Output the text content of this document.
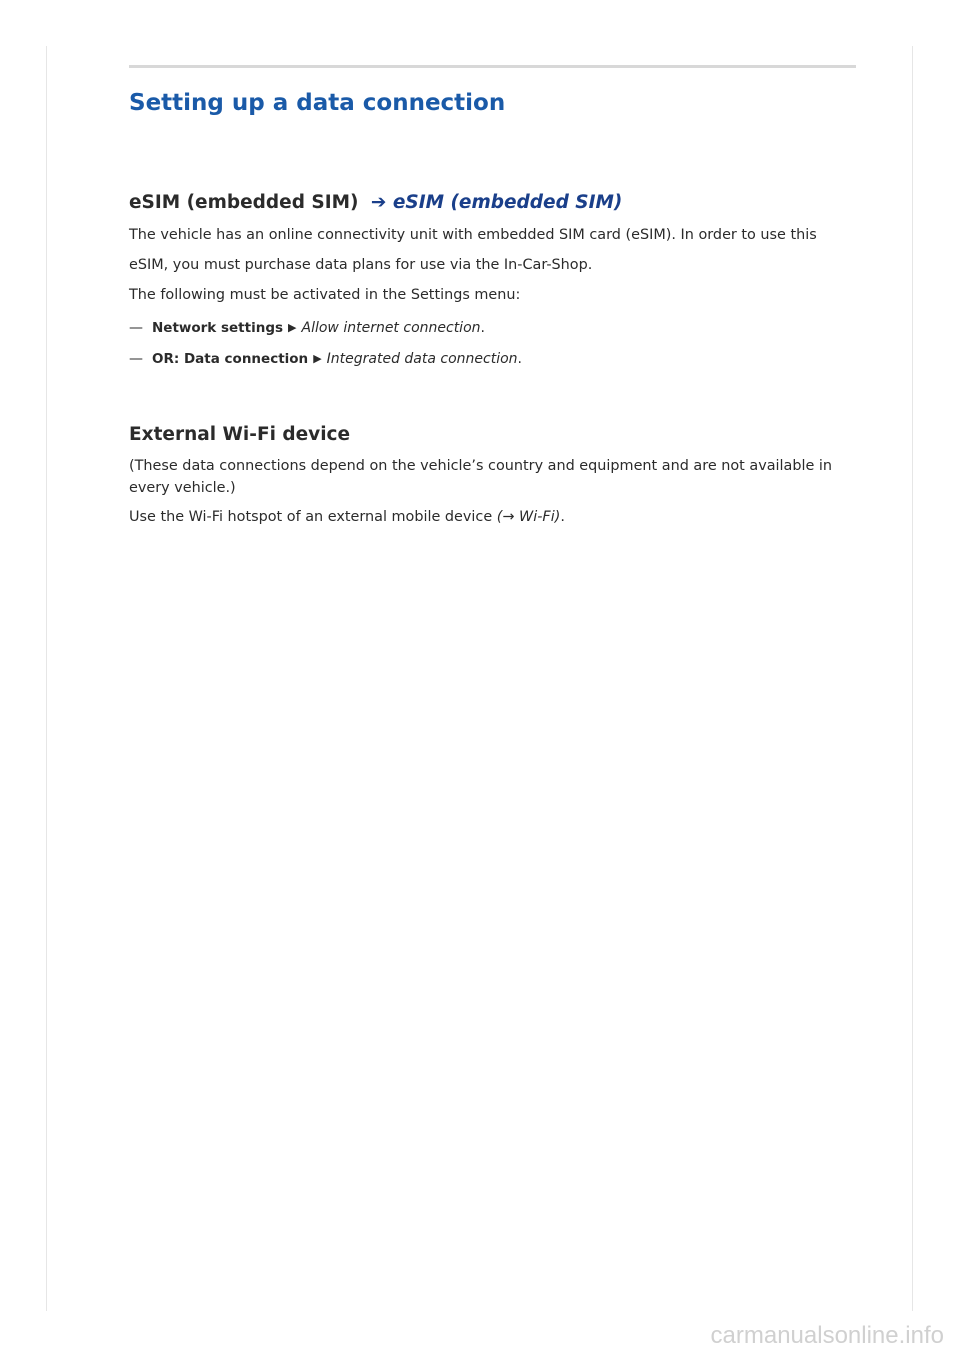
Setting up a data connection
eSIM (embedded SIM) ➔ eSIM (embedded SIM)

The vehicle has an online connectivity unit with embedded SIM card (eSIM). In order to use this eSIM, you must purchase data plans for use via the In-Car-Shop.

The following must be activated in the Settings menu:

— Network settings ▶ Allow internet connection.
— OR: Data connection ▶ Integrated data connection.
External Wi-Fi device

(These data connections depend on the vehicle’s country and equipment and are not available in every vehicle.)

Use the Wi-Fi hotspot of an external mobile device (→ Wi-Fi).

carmanualsonline.info
